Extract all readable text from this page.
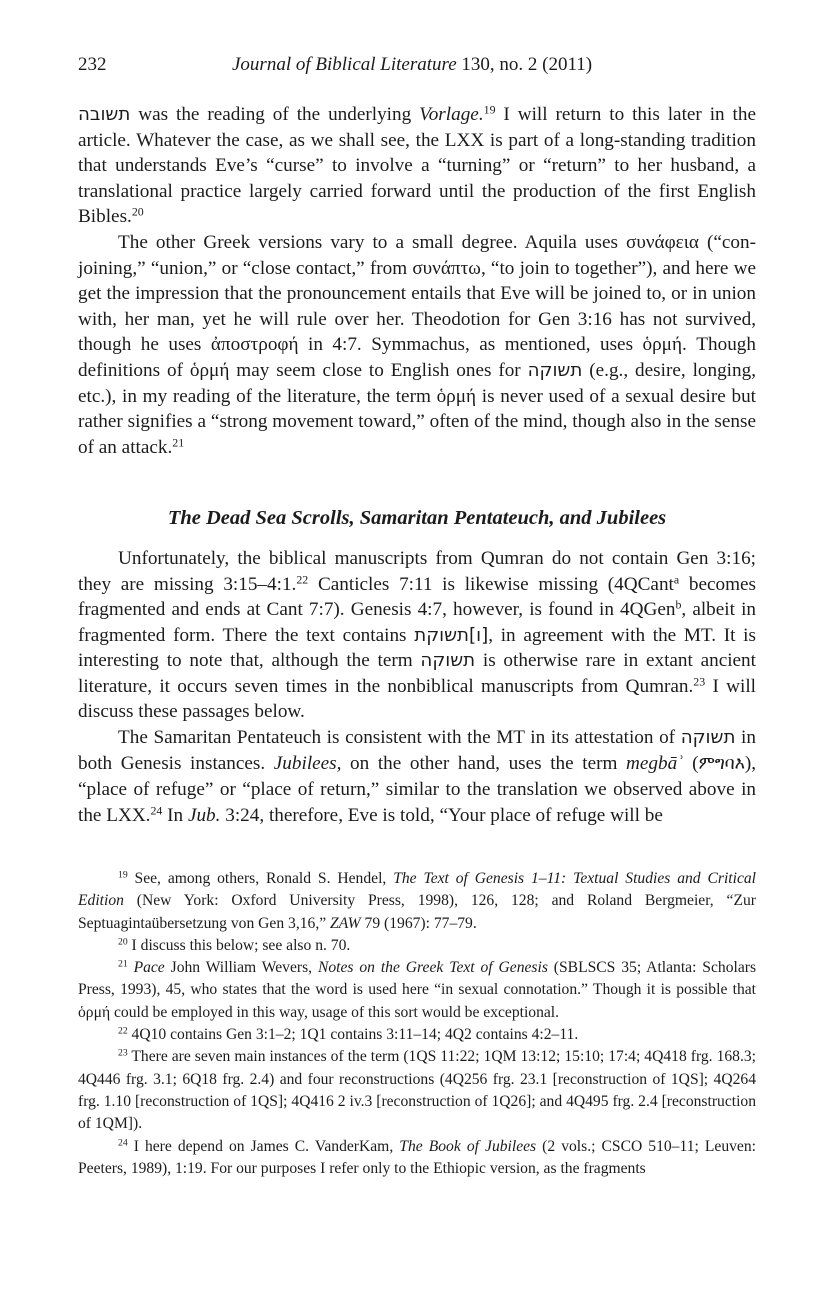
232	Journal of Biblical Literature 130, no. 2 (2011)

תשובה was the reading of the underlying Vorlage.$^{19}$ I will return to this later in the article. Whatever the case, as we shall see, the LXX is part of a long-standing tradition that understands Eve’s “curse” to involve a “turning” or “return” to her husband, a translational practice largely carried forward until the production of the first English Bibles.$^{20}$

The other Greek versions vary to a small degree. Aquila uses συνάφεια (“conjoining,” “union,” or “close contact,” from συνάπτω, “to join to together”), and here we get the impression that the pronouncement entails that Eve will be joined to, or in union with, her man, yet he will rule over her. Theodotion for Gen 3:16 has not survived, though he uses ἀποστροφή in 4:7. Symmachus, as mentioned, uses ὁρμή. Though definitions of ὁρμή may seem close to English ones for תשוקה (e.g., desire, longing, etc.), in my reading of the literature, the term ὁρμή is never used of a sexual desire but rather signifies a “strong movement toward,” often of the mind, though also in the sense of an attack.$^{21}$

The Dead Sea Scrolls, Samaritan Pentateuch, and Jubilees

Unfortunately, the biblical manuscripts from Qumran do not contain Gen 3:16; they are missing 3:15–4:1.22 Canticles 7:11 is likewise missing (4QCant$^a$ becomes fragmented and ends at Cant 7:7). Genesis 4:7, however, is found in 4QGen$^b$, albeit in fragmented form. There the text contains [ו]תשוקת, in agreement with the MT. It is interesting to note that, although the term תשוקה is otherwise rare in extant ancient literature, it occurs seven times in the nonbiblical manuscripts from Qumran.$^{23}$ I will discuss these passages below.

The Samaritan Pentateuch is consistent with the MT in its attestation of תשוקה in both Genesis instances. Jubilees, on the other hand, uses the term megbāʾ (ምግባእ), “place of refuge” or “place of return,” similar to the translation we observed above in the LXX.$^{24}$ In Jub. 3:24, therefore, Eve is told, “Your place of refuge will be

$^{19}$ See, among others, Ronald S. Hendel, The Text of Genesis 1–11: Textual Studies and Critical Edition (New York: Oxford University Press, 1998), 126, 128; and Roland Bergmeier, “Zur Septuagintaübersetzung von Gen 3,16,” ZAW 79 (1967): 77–79.

$^{20}$ I discuss this below; see also n. 70.

$^{21}$ Pace John William Wevers, Notes on the Greek Text of Genesis (SBLSCS 35; Atlanta: Scholars Press, 1993), 45, who states that the word is used here “in sexual connotation.” Though it is possible that ὁρμή could be employed in this way, usage of this sort would be exceptional.

$^{22}$ 4Q10 contains Gen 3:1–2; 1Q1 contains 3:11–14; 4Q2 contains 4:2–11.

$^{23}$ There are seven main instances of the term (1QS 11:22; 1QM 13:12; 15:10; 17:4; 4Q418 frg. 168.3; 4Q446 frg. 3.1; 6Q18 frg. 2.4) and four reconstructions (4Q256 frg. 23.1 [reconstruction of 1QS]; 4Q264 frg. 1.10 [reconstruction of 1QS]; 4Q416 2 iv.3 [reconstruction of 1Q26]; and 4Q495 frg. 2.4 [reconstruction of 1QM]).

$^{24}$ I here depend on James C. VanderKam, The Book of Jubilees (2 vols.; CSCO 510–11; Leuven: Peeters, 1989), 1:19. For our purposes I refer only to the Ethiopic version, as the fragments
